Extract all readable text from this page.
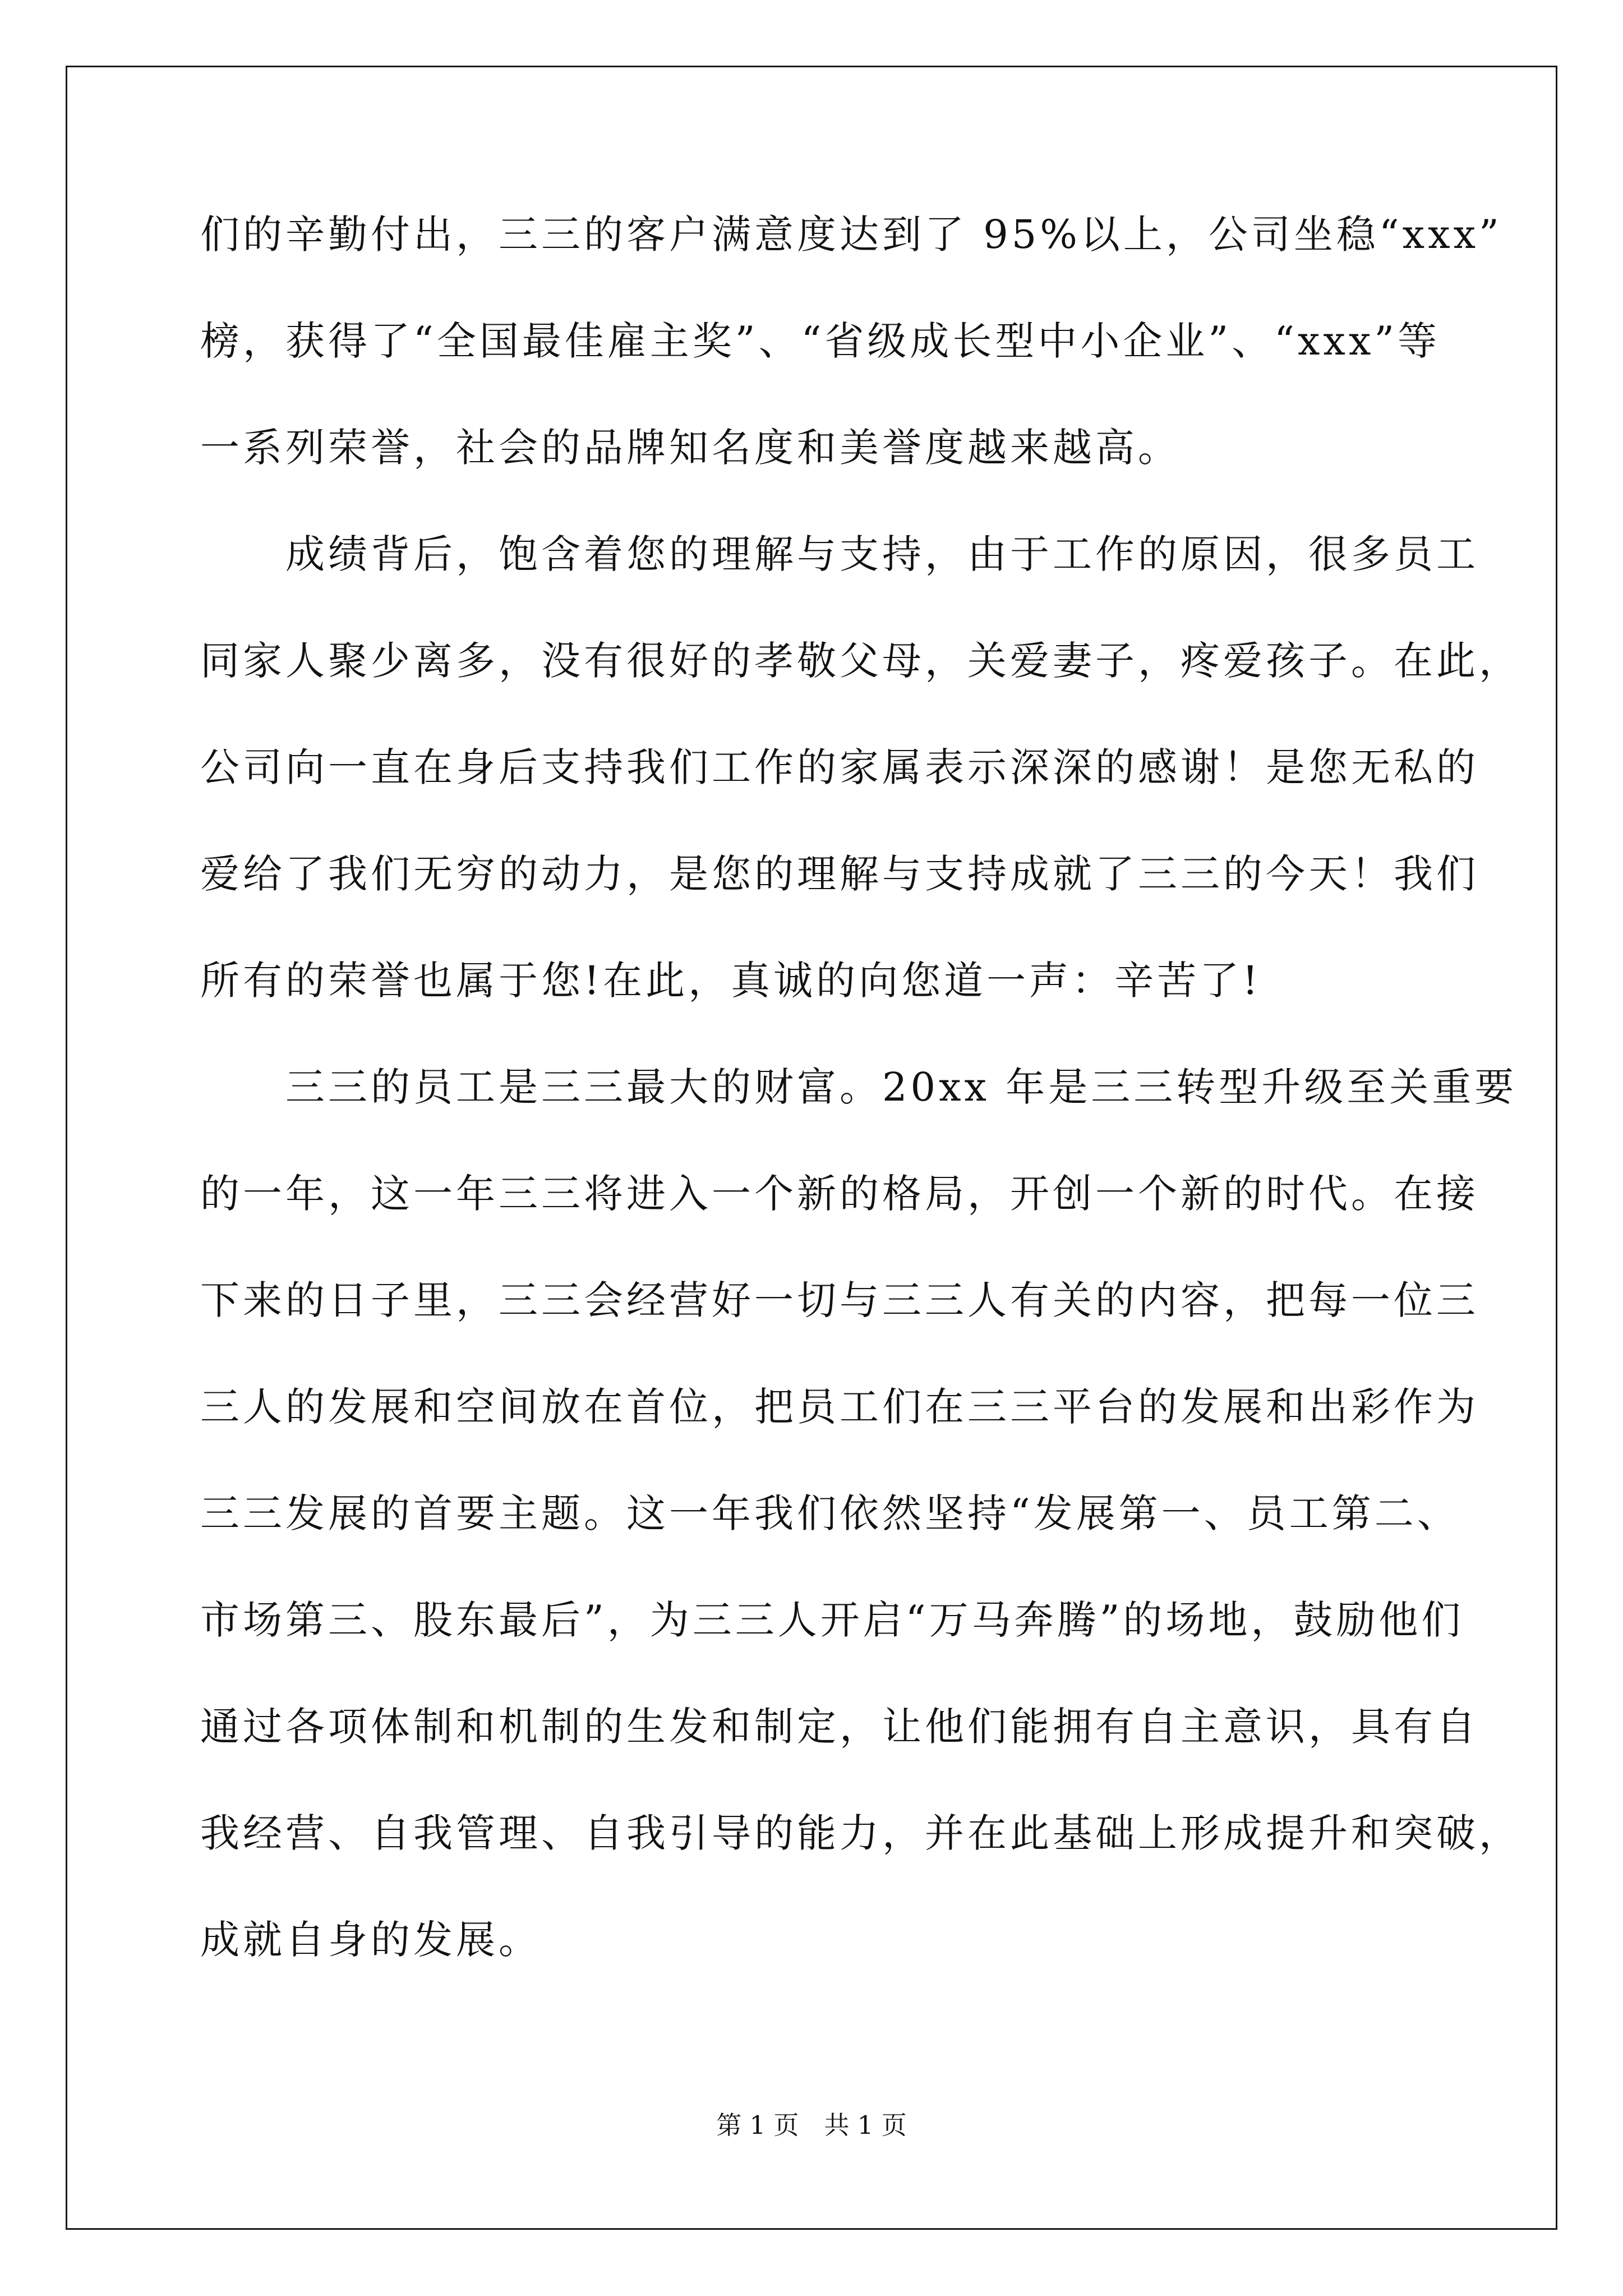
们的辛勤付出，三三的客户满意度达到了 95%以上，公司坐稳“xxx”
榜，获得了“全国最佳雇主奖”、“省级成长型中小企业”、“xxx”等
一系列荣誉，社会的品牌知名度和美誉度越来越高。
　　成绩背后，饱含着您的理解与支持，由于工作的原因，很多员工
同家人聚少离多，没有很好的孝敬父母，关爱妻子，疼爱孩子。在此，
公司向一直在身后支持我们工作的家属表示深深的感谢！是您无私的
爱给了我们无穷的动力，是您的理解与支持成就了三三的今天！我们
所有的荣誉也属于您!在此，真诚的向您道一声：辛苦了!
　　三三的员工是三三最大的财富。20xx 年是三三转型升级至关重要
的一年，这一年三三将进入一个新的格局，开创一个新的时代。在接
下来的日子里，三三会经营好一切与三三人有关的内容，把每一位三
三人的发展和空间放在首位，把员工们在三三平台的发展和出彩作为
三三发展的首要主题。这一年我们依然坚持“发展第一、员工第二、
市场第三、股东最后”，为三三人开启“万马奔腾”的场地，鼓励他们
通过各项体制和机制的生发和制定，让他们能拥有自主意识，具有自
我经营、自我管理、自我引导的能力，并在此基础上形成提升和突破，
成就自身的发展。
第 1 页　共 1 页
